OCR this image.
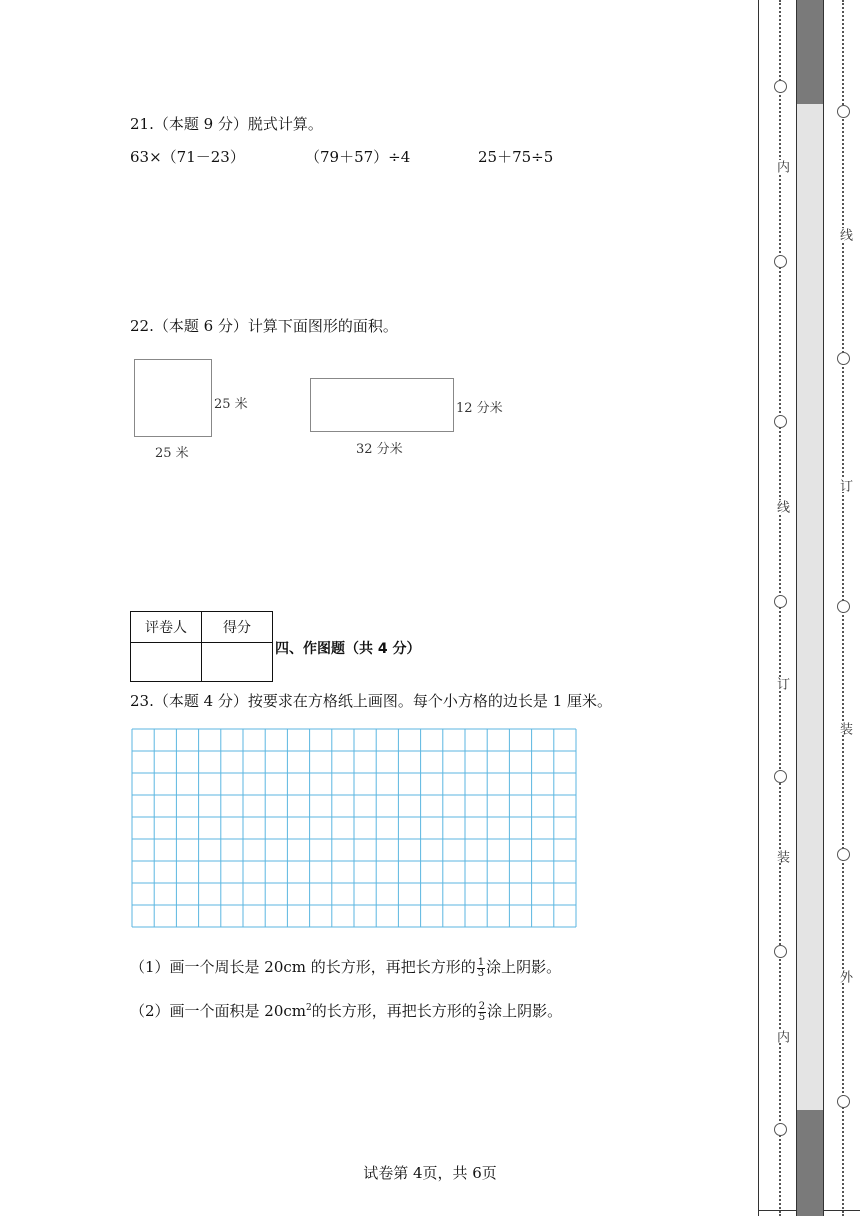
21.（本题 9 分）脱式计算。
63×（71－23）	（79＋57）÷4	25＋75÷5
22.（本题 6 分）计算下面图形的面积。
25 米
25 米
12 分米
32 分米
评卷人	得分

四、作图题（共 4 分）
23.（本题 4 分）按要求在方格纸上画图。每个小方格的边长是 1 厘米。
（1）画一个周长是 20cm 的长方形，再把长方形的 $\frac{1}{3}$ 涂上阴影。
（2）画一个面积是 $20cm^2$的长方形，再把长方形的 $\frac{2}{5}$ 涂上阴影。
试卷第 4页，共 6页
内
线
订
装
内
线
订
装
外
